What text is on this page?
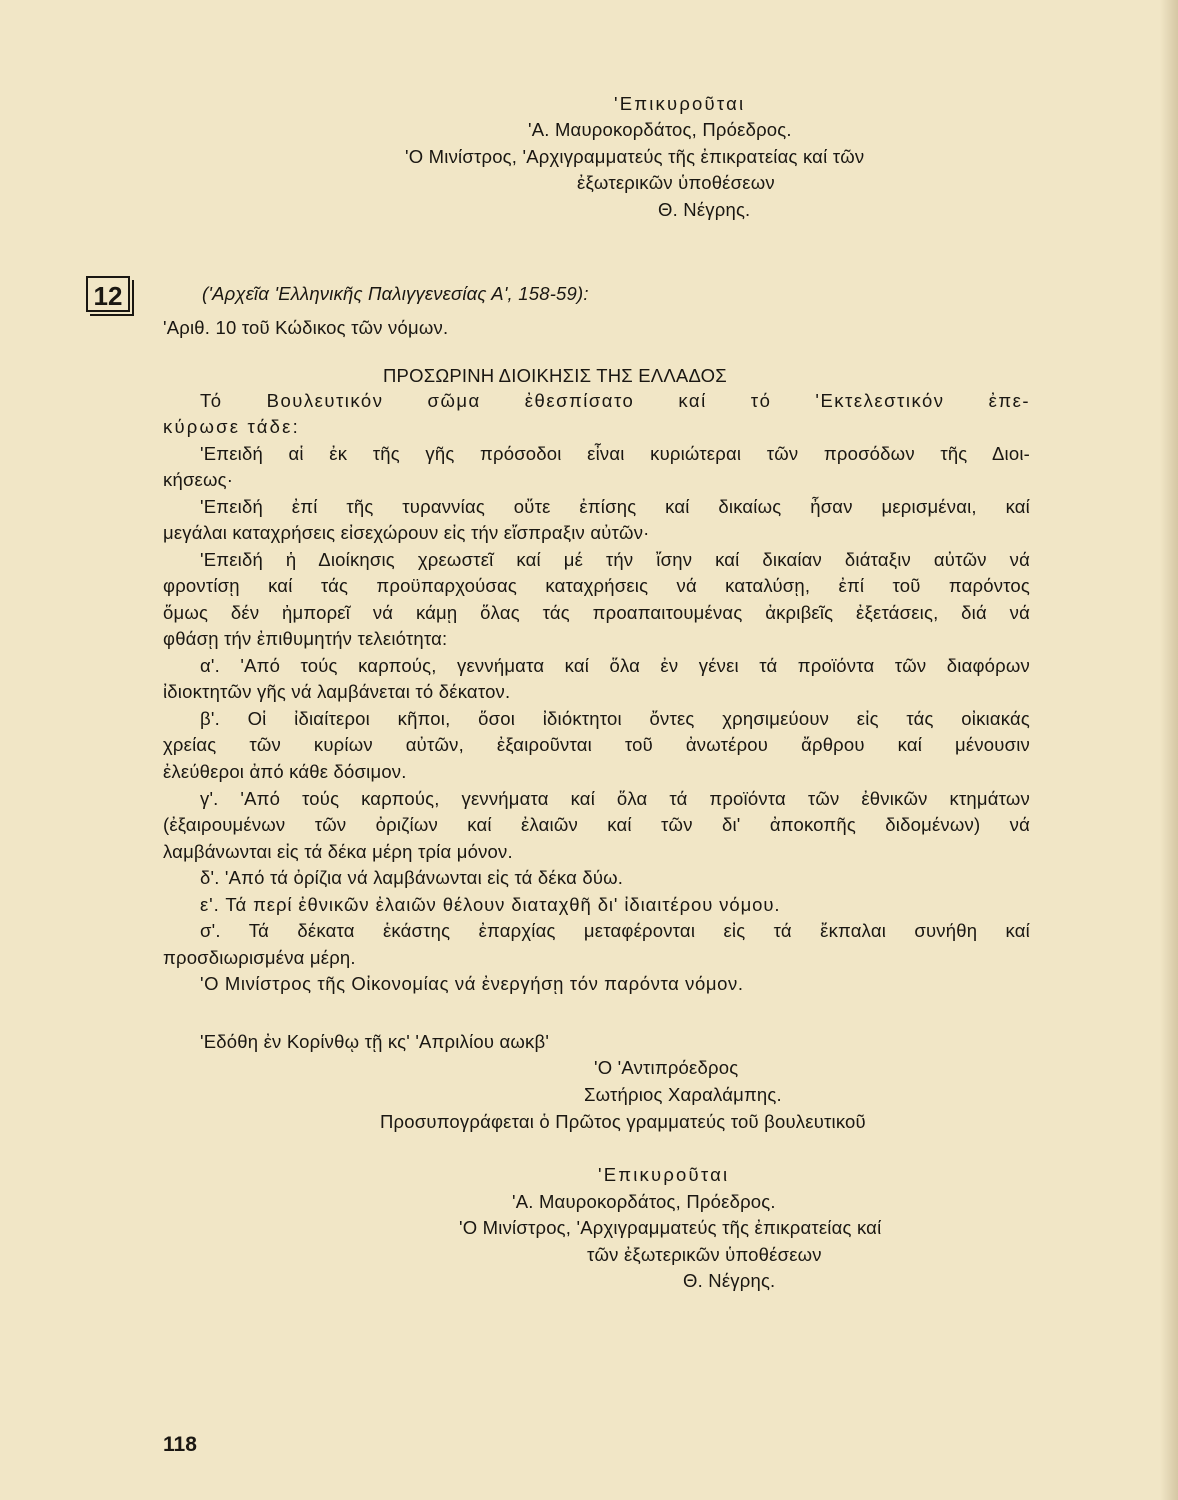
'Επικυροῦται
'Α. Μαυροκορδάτος, Πρόεδρος.
'Ο Μινίστρος, 'Αρχιγραμματεύς τῆς ἐπικρατείας καί τῶν
ἐξωτερικῶν ὑποθέσεων
Θ. Νέγρης.
12	('Αρχεῖα 'Ελληνικῆς Παλιγγενεσίας Α', 158-59):
'Αριθ. 10 τοῦ Κώδικος τῶν νόμων.
ΠΡΟΣΩΡΙΝΗ ΔΙΟΙΚΗΣΙΣ ΤΗΣ ΕΛΛΑΔΟΣ
Τό Βουλευτικόν σῶμα ἐθεσπίσατο καί τό 'Εκτελεστικόν ἐπε-
κύρωσε τάδε:
'Επειδή αἱ ἐκ τῆς γῆς πρόσοδοι εἶναι κυριώτεραι τῶν προσόδων τῆς Διοι-
κήσεως·
'Επειδή ἐπί τῆς τυραννίας οὔτε ἐπίσης καί δικαίως ἦσαν μερισμέναι, καί
μεγάλαι καταχρήσεις εἰσεχώρουν εἰς τήν εἴσπραξιν αὐτῶν·
'Επειδή ἡ Διοίκησις χρεωστεῖ καί μέ τήν ἴσην καί δικαίαν διάταξιν αὐτῶν νά
φροντίσῃ καί τάς προϋπαρχούσας καταχρήσεις νά καταλύσῃ, ἐπί τοῦ παρόντος
ὅμως δέν ἠμπορεῖ νά κάμῃ ὅλας τάς προαπαιτουμένας ἀκριβεῖς ἐξετάσεις, διά νά
φθάσῃ τήν ἐπιθυμητήν τελειότητα:
α'. 'Από τούς καρπούς, γεννήματα καί ὅλα ἐν γένει τά προϊόντα τῶν διαφόρων
ἰδιοκτητῶν γῆς νά λαμβάνεται τό δέκατον.
β'. Οἱ ἰδιαίτεροι κῆποι, ὅσοι ἰδιόκτητοι ὄντες χρησιμεύουν εἰς τάς οἰκιακάς
χρείας τῶν κυρίων αὐτῶν, ἐξαιροῦνται τοῦ ἀνωτέρου ἄρθρου καί μένουσιν
ἐλεύθεροι ἀπό κάθε δόσιμον.
γ'. 'Από τούς καρπούς, γεννήματα καί ὅλα τά προϊόντα τῶν ἐθνικῶν κτημάτων
(ἐξαιρουμένων τῶν ὀριζίων καί ἐλαιῶν καί τῶν δι' ἀποκοπῆς διδομένων) νά
λαμβάνωνται εἰς τά δέκα μέρη τρία μόνον.
δ'. 'Από τά ὀρίζια νά λαμβάνωνται εἰς τά δέκα δύω.
ε'. Τά περί ἐθνικῶν ἐλαιῶν θέλουν διαταχθῆ δι' ἰδιαιτέρου νόμου.
σ'. Τά δέκατα ἑκάστης ἐπαρχίας μεταφέρονται εἰς τά ἔκπαλαι συνήθη καί
προσδιωρισμένα μέρη.
'Ο Μινίστρος τῆς Οἰκονομίας νά ἐνεργήσῃ τόν παρόντα νόμον.
'Εδόθη ἐν Κορίνθῳ τῇ κς' 'Απριλίου αωκβ'
'Ο 'Αντιπρόεδρος
Σωτήριος Χαραλάμπης.
Προσυπογράφεται ὁ Πρῶτος γραμματεύς τοῦ βουλευτικοῦ
'Επικυροῦται
'Α. Μαυροκορδάτος, Πρόεδρος.
'Ο Μινίστρος, 'Αρχιγραμματεύς τῆς ἐπικρατείας καί
τῶν ἐξωτερικῶν ὑποθέσεων
Θ. Νέγρης.
118
